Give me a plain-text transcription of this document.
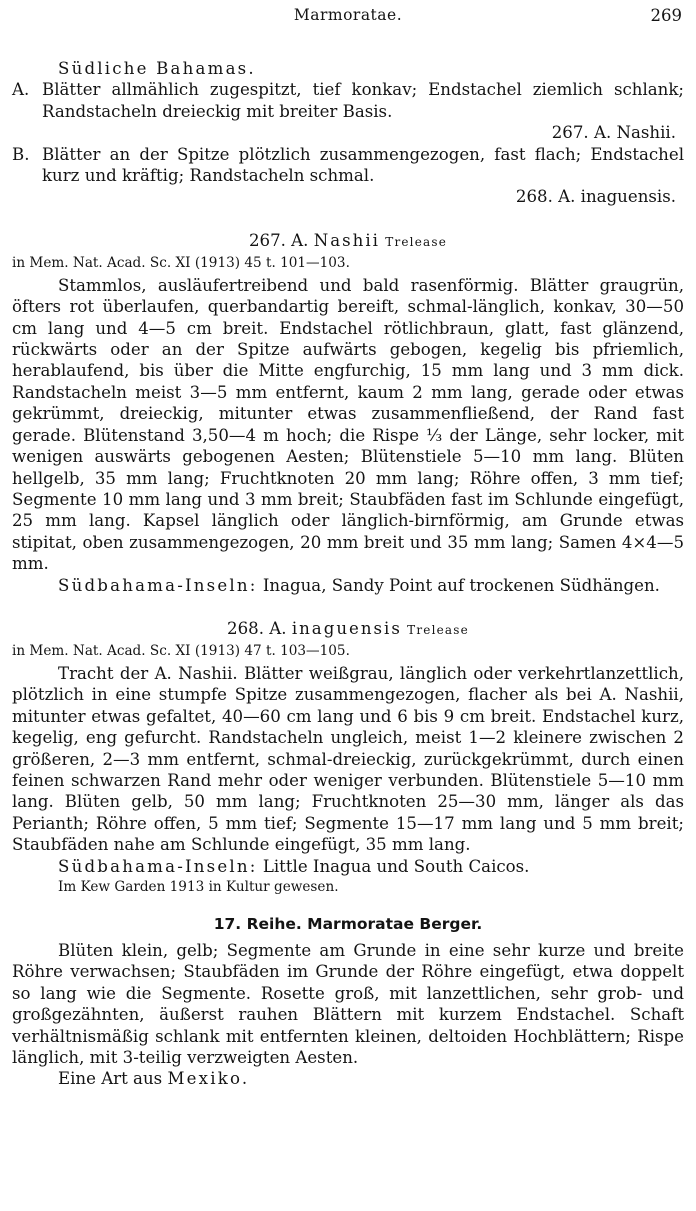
Marmoratae.	269

Südliche Bahamas.

A. Blätter allmählich zugespitzt, tief konkav; Endstachel ziemlich schlank; Randstacheln dreieckig mit breiter Basis.
267. A. Nashii.
B. Blätter an der Spitze plötzlich zusammengezogen, fast flach; Endstachel kurz und kräftig; Randstacheln schmal.
268. A. inaguensis.
267. A. Nashii Trelease

in Mem. Nat. Acad. Sc. XI (1913) 45 t. 101—103.

Stammlos, ausläufertreibend und bald rasenförmig. Blätter graugrün, öfters rot überlaufen, querbandartig bereift, schmal-länglich, konkav, 30—50 cm lang und 4—5 cm breit. Endstachel rötlichbraun, glatt, fast glänzend, rückwärts oder an der Spitze aufwärts gebogen, kegelig bis pfriemlich, herablaufend, bis über die Mitte engfurchig, 15 mm lang und 3 mm dick. Randstacheln meist 3—5 mm entfernt, kaum 2 mm lang, gerade oder etwas gekrümmt, dreieckig, mitunter etwas zusammenfließend, der Rand fast gerade. Blütenstand 3,50—4 m hoch; die Rispe ⅓ der Länge, sehr locker, mit wenigen auswärts gebogenen Aesten; Blütenstiele 5—10 mm lang. Blüten hellgelb, 35 mm lang; Fruchtknoten 20 mm lang; Röhre offen, 3 mm tief; Segmente 10 mm lang und 3 mm breit; Staubfäden fast im Schlunde eingefügt, 25 mm lang. Kapsel länglich oder länglich-birnförmig, am Grunde etwas stipitat, oben zusammengezogen, 20 mm breit und 35 mm lang; Samen 4×4—5 mm.

Südbahama-Inseln: Inagua, Sandy Point auf trockenen Südhängen.

268. A. inaguensis Trelease

in Mem. Nat. Acad. Sc. XI (1913) 47 t. 103—105.

Tracht der A. Nashii. Blätter weißgrau, länglich oder verkehrtlanzettlich, plötzlich in eine stumpfe Spitze zusammengezogen, flacher als bei A. Nashii, mitunter etwas gefaltet, 40—60 cm lang und 6 bis 9 cm breit. Endstachel kurz, kegelig, eng gefurcht. Randstacheln ungleich, meist 1—2 kleinere zwischen 2 größeren, 2—3 mm entfernt, schmal-dreieckig, zurückgekrümmt, durch einen feinen schwarzen Rand mehr oder weniger verbunden. Blütenstiele 5—10 mm lang. Blüten gelb, 50 mm lang; Fruchtknoten 25—30 mm, länger als das Perianth; Röhre offen, 5 mm tief; Segmente 15—17 mm lang und 5 mm breit; Staubfäden nahe am Schlunde eingefügt, 35 mm lang.

Südbahama-Inseln: Little Inagua und South Caicos.

Im Kew Garden 1913 in Kultur gewesen.

17. Reihe. Marmoratae Berger.

Blüten klein, gelb; Segmente am Grunde in eine sehr kurze und breite Röhre verwachsen; Staubfäden im Grunde der Röhre eingefügt, etwa doppelt so lang wie die Segmente. Rosette groß, mit lanzettlichen, sehr grob- und großgezähnten, äußerst rauhen Blättern mit kurzem Endstachel. Schaft verhältnismäßig schlank mit entfernten kleinen, deltoiden Hochblättern; Rispe länglich, mit 3-teilig verzweigten Aesten.

Eine Art aus Mexiko.
